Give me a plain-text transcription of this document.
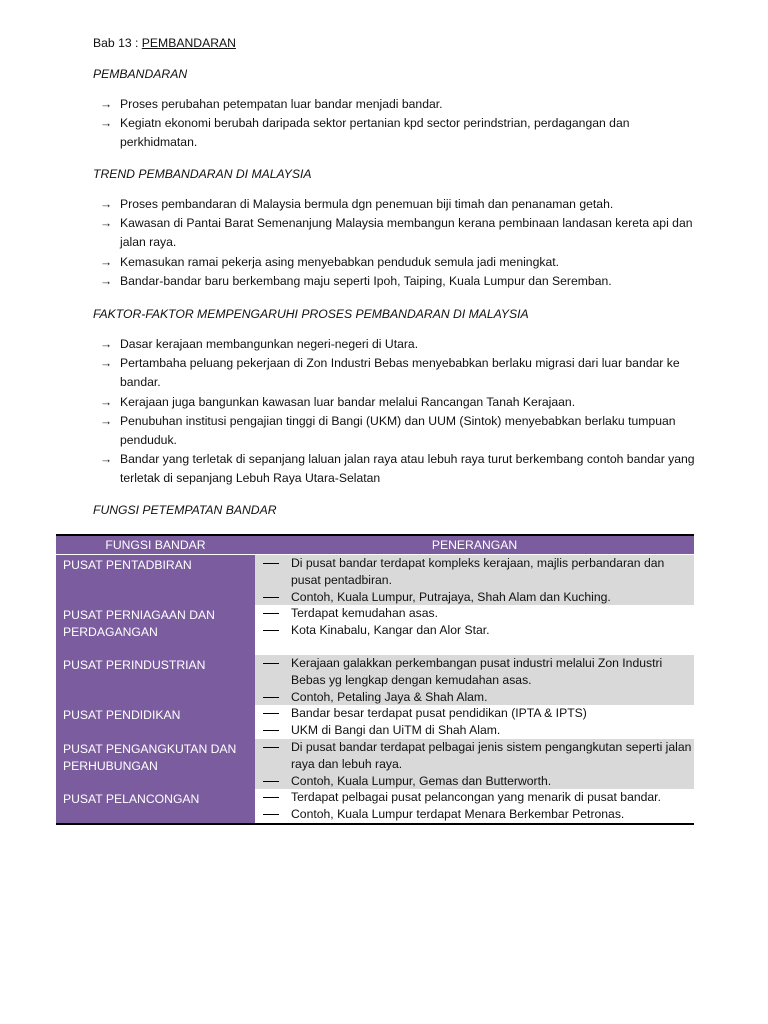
Bab 13 : PEMBANDARAN
PEMBANDARAN
→ Proses perubahan petempatan luar bandar menjadi bandar.
→ Kegiatn ekonomi berubah daripada sektor pertanian kpd sector perindstrian, perdagangan dan perkhidmatan.
TREND PEMBANDARAN DI MALAYSIA
→ Proses pembandaran di Malaysia bermula dgn penemuan biji timah dan penanaman getah.
→ Kawasan di Pantai Barat Semenanjung Malaysia membangun kerana pembinaan landasan kereta api dan jalan raya.
→ Kemasukan ramai pekerja asing menyebabkan penduduk semula jadi meningkat.
→ Bandar-bandar baru berkembang maju seperti Ipoh, Taiping, Kuala Lumpur dan Seremban.
FAKTOR-FAKTOR MEMPENGARUHI PROSES PEMBANDARAN DI MALAYSIA
→ Dasar kerajaan membangunkan negeri-negeri di Utara.
→ Pertambaha peluang pekerjaan di Zon Industri Bebas menyebabkan berlaku migrasi dari luar bandar ke bandar.
→ Kerajaan juga bangunkan kawasan luar bandar melalui Rancangan Tanah Kerajaan.
→ Penubuhan institusi pengajian tinggi di Bangi (UKM) dan UUM (Sintok) menyebabkan berlaku tumpuan penduduk.
→ Bandar yang terletak di sepanjang laluan jalan raya atau lebuh raya turut berkembang contoh bandar yang terletak di sepanjang Lebuh Raya Utara-Selatan
FUNGSI PETEMPATAN BANDAR
FUNGSI BANDAR	PENERANGAN
PUSAT PENTADBIRAN	Di pusat bandar terdapat kompleks kerajaan, majlis perbandaran dan pusat pentadbiran.
Contoh, Kuala Lumpur, Putrajaya, Shah Alam dan Kuching.

PUSAT PERNIAGAAN DAN PERDAGANGAN	Terdapat kemudahan asas.
Kota Kinabalu, Kangar dan Alor Star.

PUSAT PERINDUSTRIAN	Kerajaan galakkan perkembangan pusat industri melalui Zon Industri Bebas yg lengkap dengan kemudahan asas.
Contoh, Petaling Jaya & Shah Alam.

PUSAT PENDIDIKAN	Bandar besar terdapat pusat pendidikan (IPTA & IPTS)
UKM di Bangi dan UiTM di Shah Alam.

PUSAT PENGANGKUTAN DAN PERHUBUNGAN	Di pusat bandar terdapat pelbagai jenis sistem pengangkutan seperti jalan raya dan lebuh raya.
Contoh, Kuala Lumpur, Gemas dan Butterworth.

PUSAT PELANCONGAN	Terdapat pelbagai pusat pelancongan yang menarik di pusat bandar.
Contoh, Kuala Lumpur terdapat Menara Berkembar Petronas.
